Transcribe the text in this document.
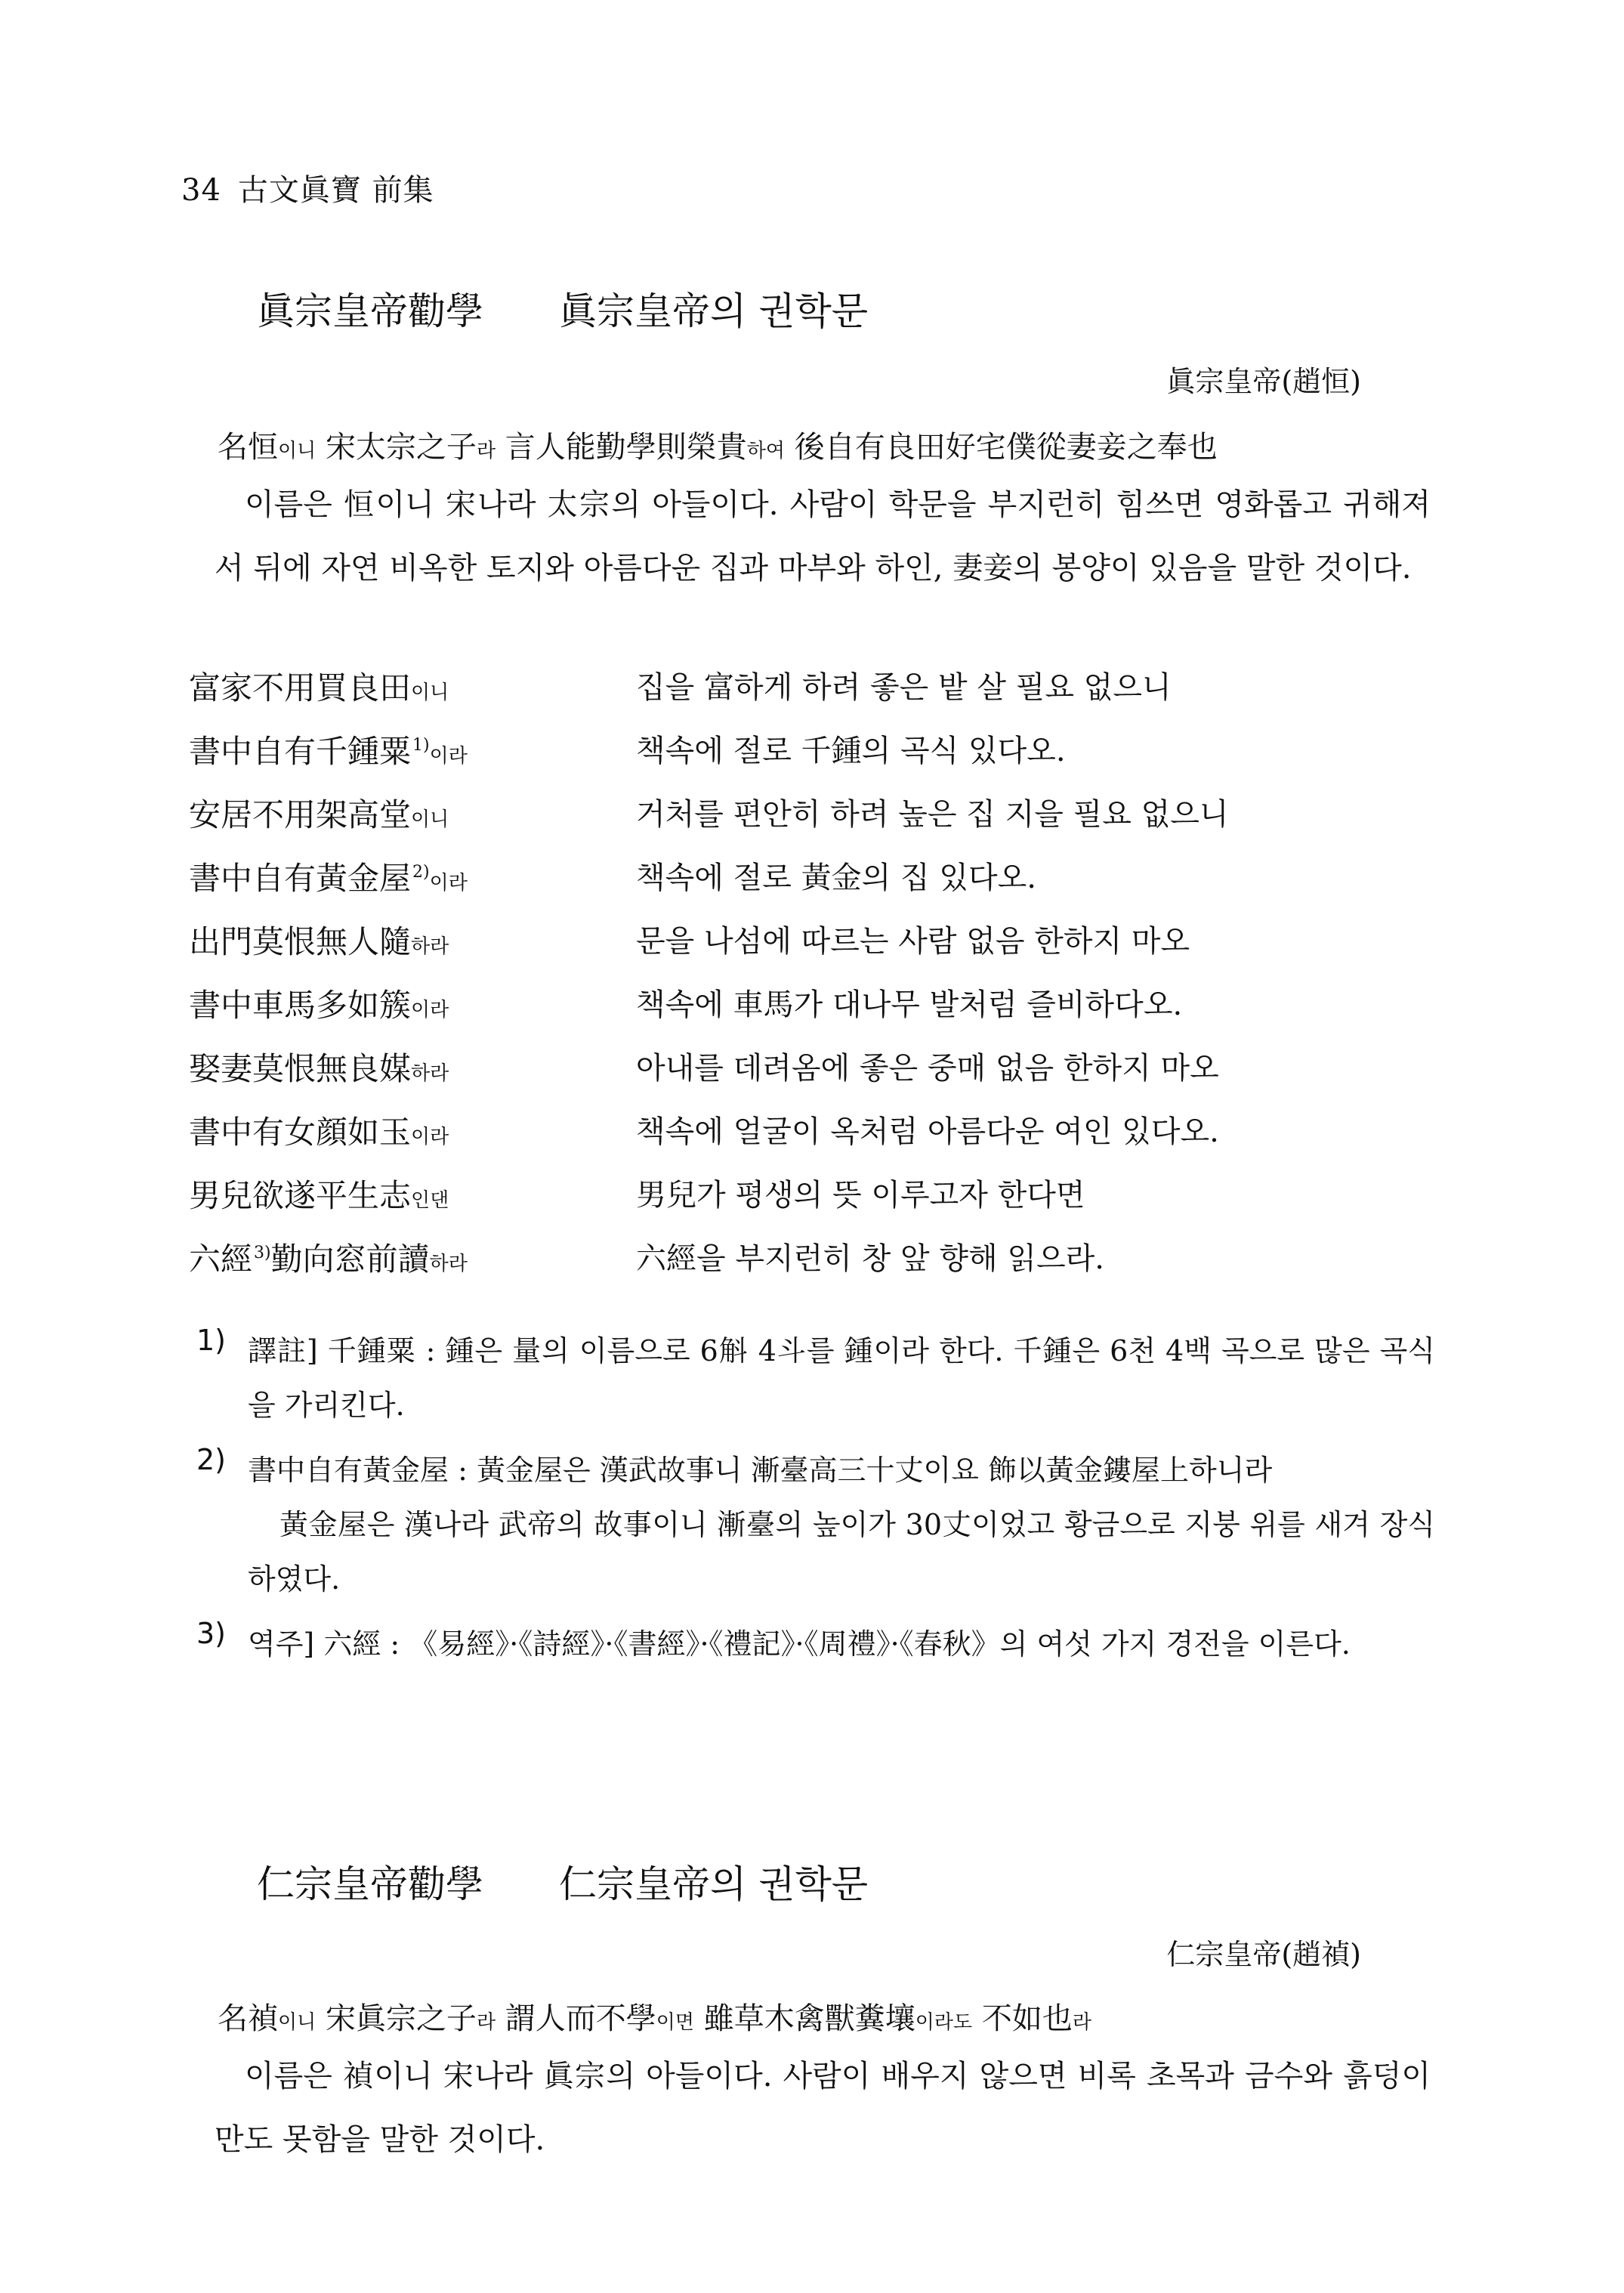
34 古文眞寶 前集
眞宗皇帝勸學 眞宗皇帝의 권학문
眞宗皇帝(趙恒)
名恒이니 宋太宗之子라 言人能勤學則榮貴하여 後自有良田好宅僕從妻妾之奉也
이름은 恒이니 宋나라 太宗의 아들이다. 사람이 학문을 부지런히 힘쓰면 영화롭고 귀해져서 뒤에 자연 비옥한 토지와 아름다운 집과 마부와 하인, 妻妾의 봉양이 있음을 말한 것이다.
富家不用買良田이니	집을 富하게 하려 좋은 밭 살 필요 없으니
書中自有千鍾粟$^{1)}$이라	책속에 절로 千鍾의 곡식 있다오.
安居不用架高堂이니	거처를 편안히 하려 높은 집 지을 필요 없으니
書中自有黃金屋$^{2)}$이라	책속에 절로 黃金의 집 있다오.
出門莫恨無人隨하라	문을 나섬에 따르는 사람 없음 한하지 마오
書中車馬多如簇이라	책속에 車馬가 대나무 발처럼 즐비하다오.
娶妻莫恨無良媒하라	아내를 데려옴에 좋은 중매 없음 한하지 마오
書中有女顔如玉이라	책속에 얼굴이 옥처럼 아름다운 여인 있다오.
男兒欲遂平生志인댄	男兒가 평생의 뜻 이루고자 한다면
六經$^{3)}$勤向窓前讀하라	六經을 부지런히 창 앞 향해 읽으라.
1) 譯註] 千鍾粟 : 鍾은 量의 이름으로 6斛 4斗를 鍾이라 한다. 千鍾은 6천 4백 곡으로 많은 곡식을 가리킨다.
2) 書中自有黃金屋 : 黃金屋은 漢武故事니 漸臺高三十丈이요 飾以黃金鏤屋上하니라
黃金屋은 漢나라 武帝의 故事이니 漸臺의 높이가 30丈이었고 황금으로 지붕 위를 새겨 장식하였다.
3) 역주] 六經 : 《易經》·《詩經》·《書經》·《禮記》·《周禮》·《春秋》의 여섯 가지 경전을 이른다.
仁宗皇帝勸學 仁宗皇帝의 권학문
仁宗皇帝(趙禎)
名禎이니 宋眞宗之子라 謂人而不學이면 雖草木禽獸糞壤이라도 不如也라
이름은 禎이니 宋나라 眞宗의 아들이다. 사람이 배우지 않으면 비록 초목과 금수와 흙덩이만도 못함을 말한 것이다.
